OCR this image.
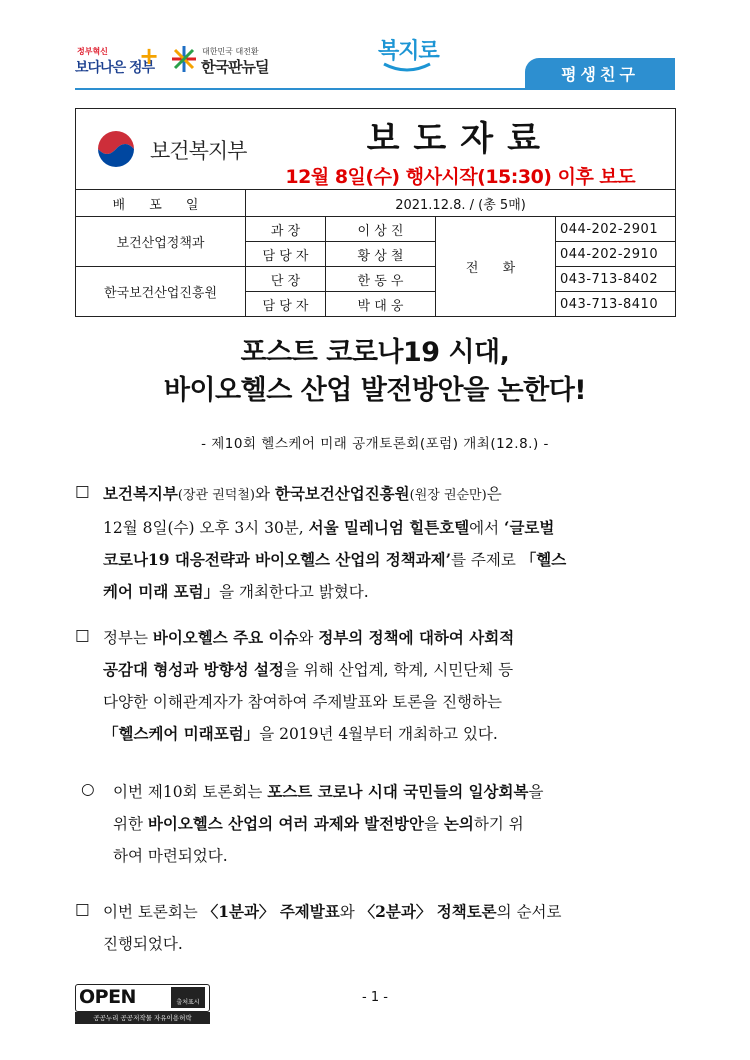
정부혁신
보다나은 정부
+	대한민국 대전환
한국판뉴딜
복지로
평생친구
보건복지부	보도자료
12월 8일(수) 행사시작(15:30) 이후 보도			

배 포 일	2021.12.8. / (총 5매)			
보건산업정책과	과 장	이 상 진	전 화	044-202-2901
	담 당 자	황 상 철		044-202-2910
한국보건산업진흥원	단 장	한 동 우		043-713-8402
	담 당 자	박 대 웅		043-713-8410
포스트 코로나19 시대,
바이오헬스 산업 발전방안을 논한다!
- 제10회 헬스케어 미래 공개토론회(포럼) 개최(12.8.) -
□ 보건복지부(장관 권덕철)와 한국보건산업진흥원(원장 권순만)은
12월 8일(수) 오후 3시 30분, 서울 밀레니엄 힐튼호텔에서 ‘글로벌
코로나19 대응전략과 바이오헬스 산업의 정책과제’를 주제로 「헬스
케어 미래 포럼」을 개최한다고 밝혔다.
□ 정부는 바이오헬스 주요 이슈와 정부의 정책에 대하여 사회적
공감대 형성과 방향성 설정을 위해 산업계, 학계, 시민단체 등
다양한 이해관계자가 참여하여 주제발표와 토론을 진행하는
「헬스케어 미래포럼」을 2019년 4월부터 개최하고 있다.
○ 이번 제10회 토론회는 포스트 코로나 시대 국민들의 일상회복을
위한 바이오헬스 산업의 여러 과제와 발전방안을 논의하기 위
하여 마련되었다.
□ 이번 토론회는 〈1분과〉 주제발표와 〈2분과〉 정책토론의 순서로
진행되었다.
OPEN	출처표시
공공누리 공공저작물 자유이용허락
- 1 -
